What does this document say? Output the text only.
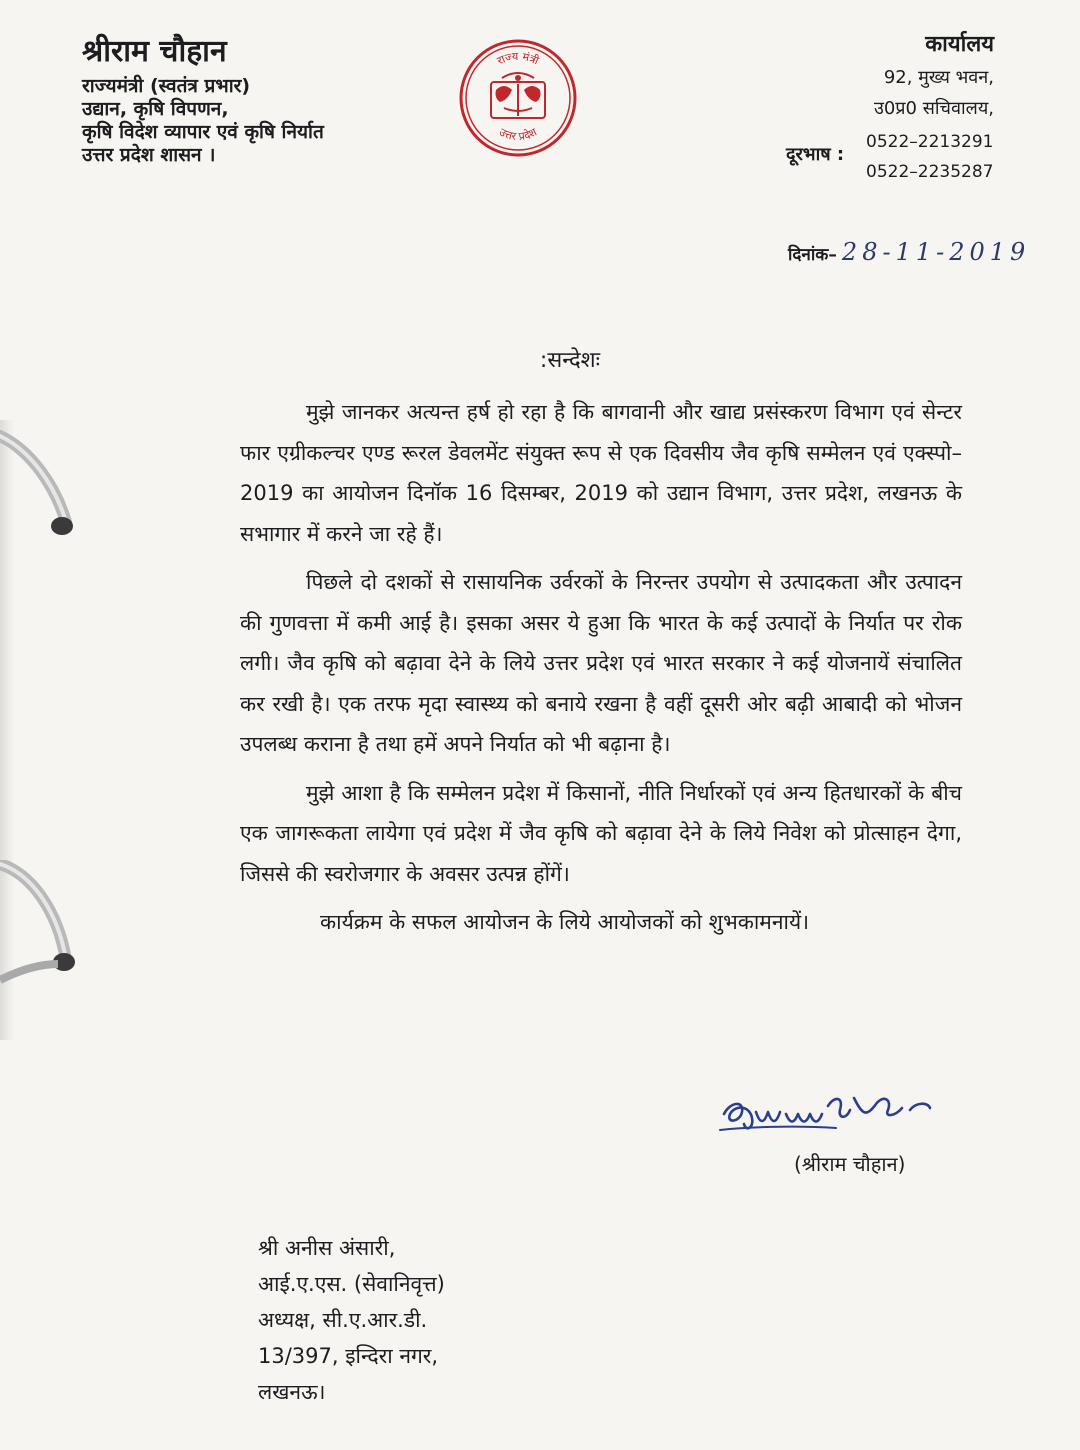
श्रीराम चौहान
राज्यमंत्री (स्वतंत्र प्रभार)
उद्यान, कृषि विपणन,
कृषि विदेश व्यापार एवं कृषि निर्यात
उत्तर प्रदेश शासन ।
राज्य मंत्री
उत्तर प्रदेश
कार्यालय
92, मुख्य भवन,
उ0प्र0 सचिवालय,
दूरभाष :
0522–2213291
0522–2235287
दिनांक– 28-11-2019
:सन्देशः

मुझे जानकर अत्यन्त हर्ष हो रहा है कि बागवानी और खाद्य प्रसंस्करण विभाग एवं सेन्टर फार एग्रीकल्चर एण्ड रूरल डेवलमेंट संयुक्त रूप से एक दिवसीय जैव कृषि सम्मेलन एवं एक्स्पो–2019 का आयोजन दिनॉक 16 दिसम्बर, 2019 को उद्यान विभाग, उत्तर प्रदेश, लखनऊ के सभागार में करने जा रहे हैं।

पिछले दो दशकों से रासायनिक उर्वरकों के निरन्तर उपयोग से उत्पादकता और उत्पादन की गुणवत्ता में कमी आई है। इसका असर ये हुआ कि भारत के कई उत्पादों के निर्यात पर रोक लगी। जैव कृषि को बढ़ावा देने के लिये उत्तर प्रदेश एवं भारत सरकार ने कई योजनायें संचालित कर रखी है। एक तरफ मृदा स्वास्थ्य को बनाये रखना है वहीं दूसरी ओर बढ़ी आबादी को भोजन उपलब्ध कराना है तथा हमें अपने निर्यात को भी बढ़ाना है।

मुझे आशा है कि सम्मेलन प्रदेश में किसानों, नीति निर्धारकों एवं अन्य हितधारकों के बीच एक जागरूकता लायेगा एवं प्रदेश में जैव कृषि को बढ़ावा देने के लिये निवेश को प्रोत्साहन देगा, जिससे की स्वरोजगार के अवसर उत्पन्न होंगें।

कार्यक्रम के सफल आयोजन के लिये आयोजकों को शुभकामनायें।

(श्रीराम चौहान)
श्री अनीस अंसारी,
आई.ए.एस. (सेवानिवृत्त)
अध्यक्ष, सी.ए.आर.डी.
13/397, इन्दिरा नगर,
लखनऊ।
